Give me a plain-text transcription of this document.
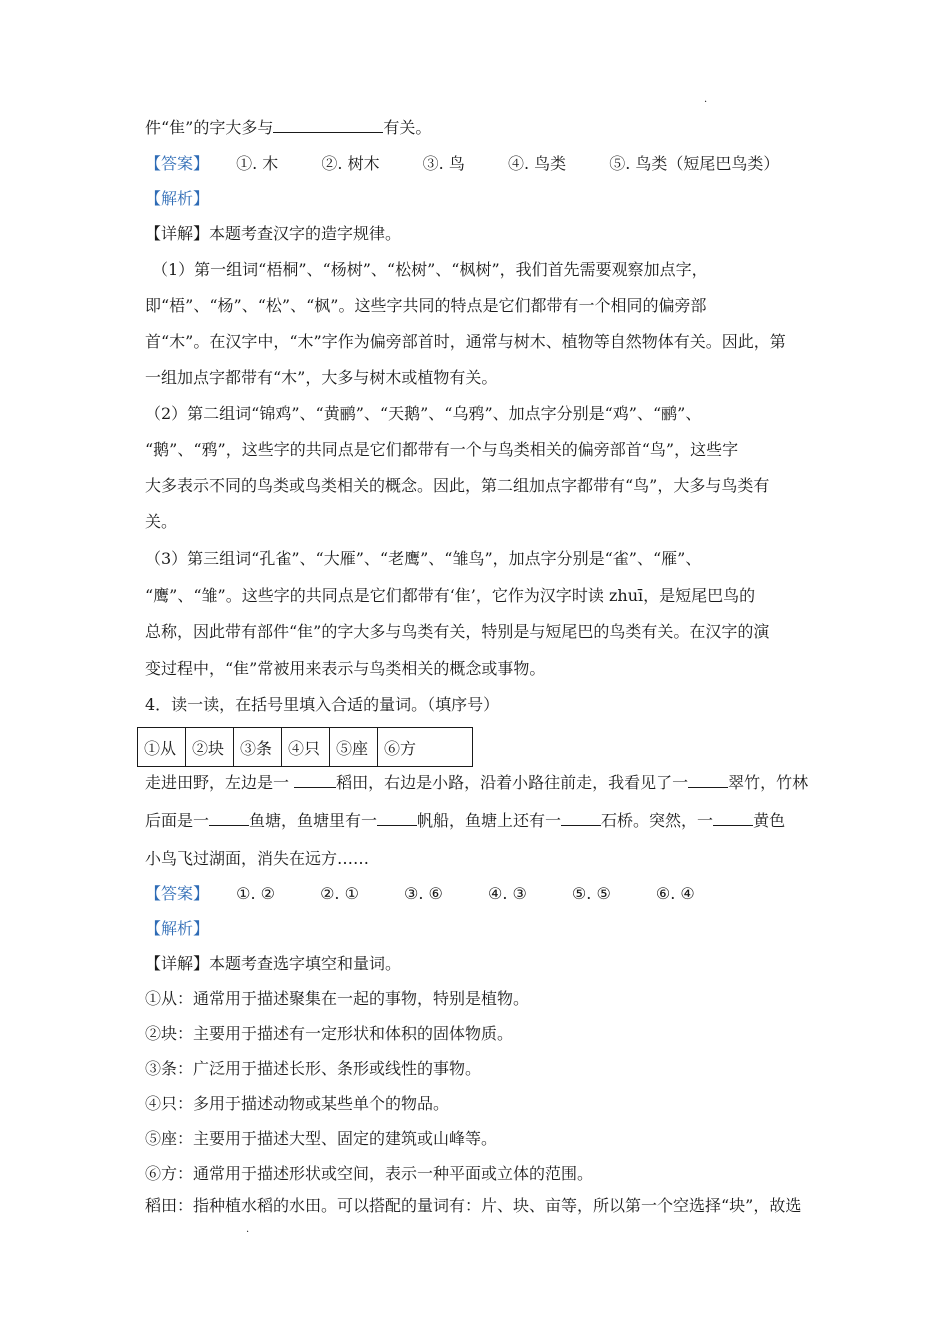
.
件“隹”的字大多与	有关。
【答案】 ①. 木	②. 树木	③. 鸟	④. 鸟类	⑤. 鸟类（短尾巴鸟类）
【解析】
【详解】本题考查汉字的造字规律。
（1）第一组词“梧桐”、“杨树”、“松树”、“枫树”，我们首先需要观察加点字，
即“梧”、“杨”、“松”、“枫”。这些字共同的特点是它们都带有一个相同的偏旁部
首“木”。在汉字中，“木”字作为偏旁部首时，通常与树木、植物等自然物体有关。因此，第
一组加点字都带有“木”，大多与树木或植物有关。
（2）第二组词“锦鸡”、“黄鹂”、“天鹅”、“乌鸦”、加点字分别是“鸡”、“鹂”、
“鹅”、“鸦”，这些字的共同点是它们都带有一个与鸟类相关的偏旁部首“鸟”，这些字
大多表示不同的鸟类或鸟类相关的概念。因此，第二组加点字都带有“鸟”，大多与鸟类有
关。
（3）第三组词“孔雀”、“大雁”、“老鹰”、“雏鸟”，加点字分别是“雀”、“雁”、
“鹰”、“雏”。这些字的共同点是它们都带有‘隹’，它作为汉字时读 zhuī，是短尾巴鸟的
总称，因此带有部件“隹”的字大多与鸟类有关，特别是与短尾巴的鸟类有关。在汉字的演
变过程中，“隹”常被用来表示与鸟类相关的概念或事物。
4．读一读，在括号里填入合适的量词。（填序号）
①从	②块	③条	④只	⑤座	⑥方
走进田野，左边是一	稻田，右边是小路，沿着小路往前走，我看见了一	翠竹，竹林
后面是一	鱼塘，鱼塘里有一	帆船，鱼塘上还有一	石桥。突然，一	黄色
小鸟飞过湖面，消失在远方……
【答案】 ①. ②	②. ①	③. ⑥	④. ③	⑤. ⑤	⑥. ④
【解析】
【详解】本题考查选字填空和量词。
①从：通常用于描述聚集在一起的事物，特别是植物。
②块：主要用于描述有一定形状和体积的固体物质。
③条：广泛用于描述长形、条形或线性的事物。
④只：多用于描述动物或某些单个的物品。
⑤座：主要用于描述大型、固定的建筑或山峰等。
⑥方：通常用于描述形状或空间，表示一种平面或立体的范围。
稻田：指种植水稻的水田。可以搭配的量词有：片、块、亩等，所以第一个空选择“块”，故选
.
